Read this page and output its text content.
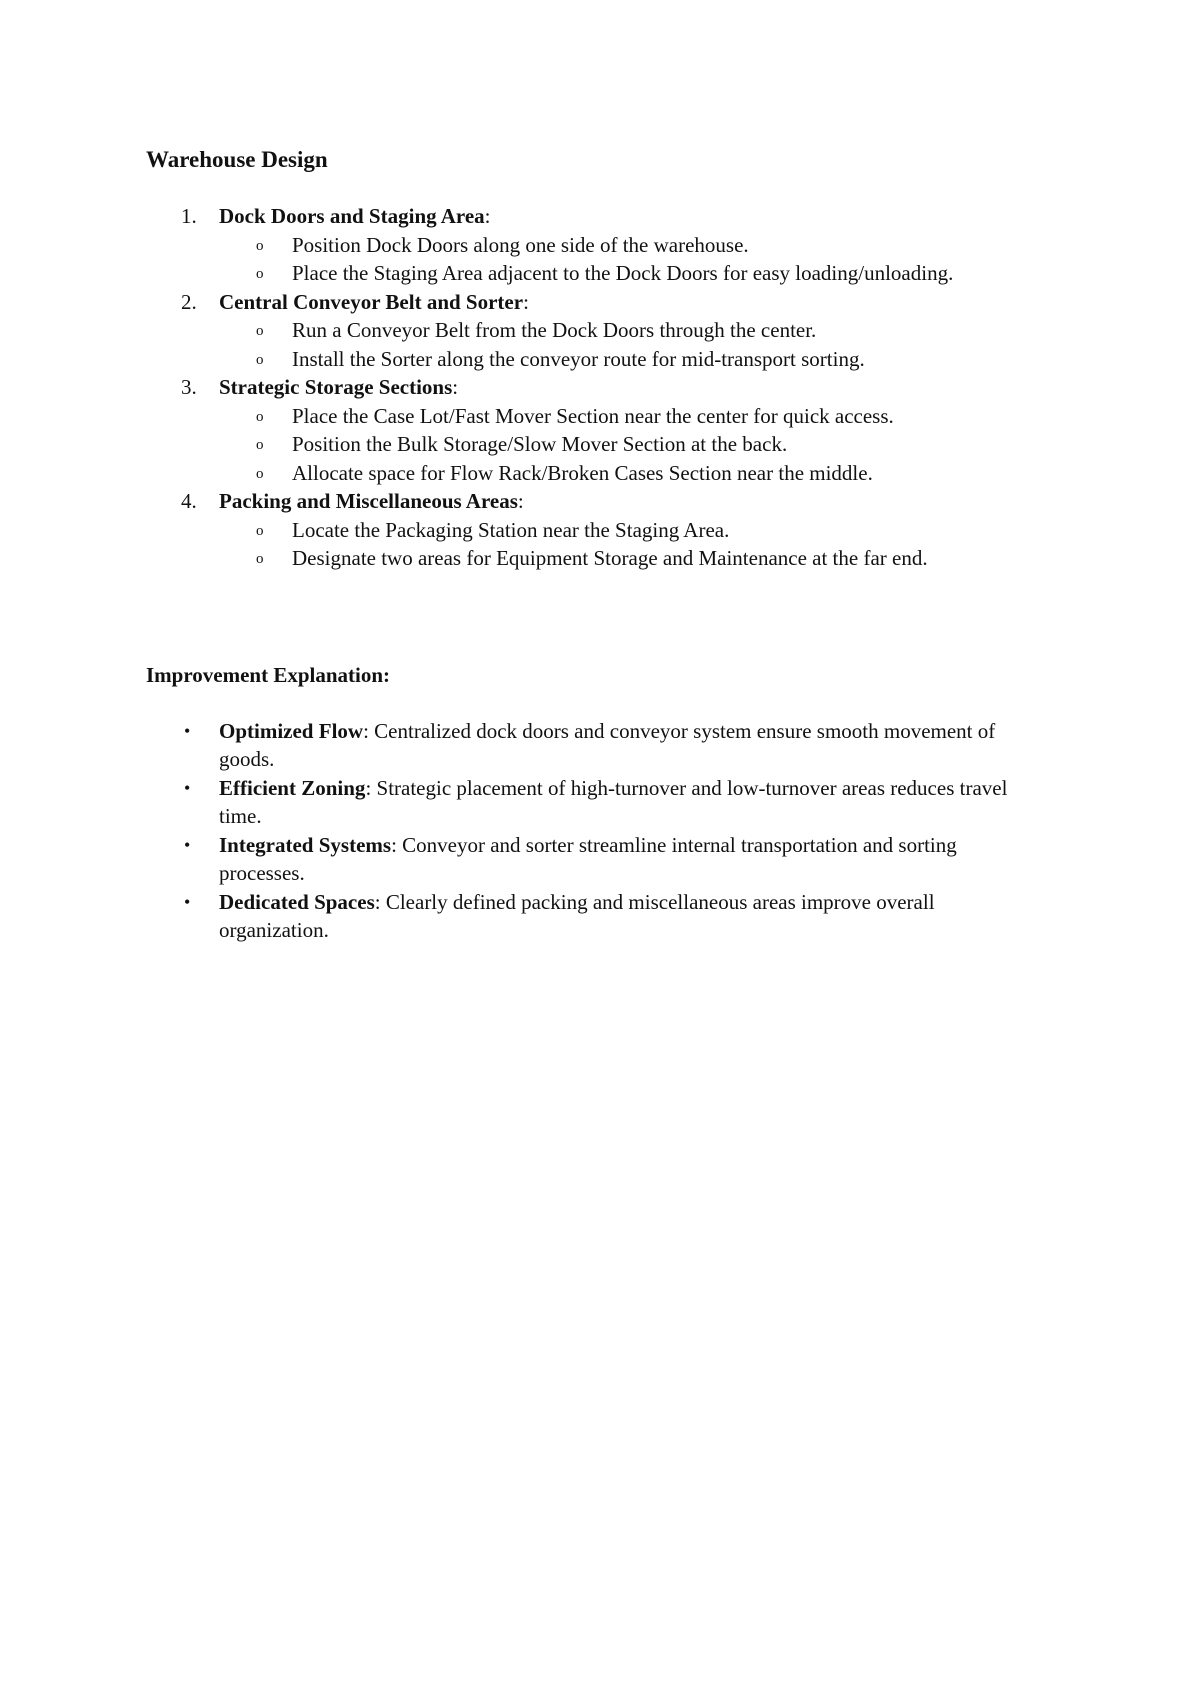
Warehouse Design
1. Dock Doors and Staging Area:
o Position Dock Doors along one side of the warehouse.
o Place the Staging Area adjacent to the Dock Doors for easy loading/unloading.
2. Central Conveyor Belt and Sorter:
o Run a Conveyor Belt from the Dock Doors through the center.
o Install the Sorter along the conveyor route for mid-transport sorting.
3. Strategic Storage Sections:
o Place the Case Lot/Fast Mover Section near the center for quick access.
o Position the Bulk Storage/Slow Mover Section at the back.
o Allocate space for Flow Rack/Broken Cases Section near the middle.
4. Packing and Miscellaneous Areas:
o Locate the Packaging Station near the Staging Area.
o Designate two areas for Equipment Storage and Maintenance at the far end.
Improvement Explanation:
• Optimized Flow: Centralized dock doors and conveyor system ensure smooth movement of goods.
• Efficient Zoning: Strategic placement of high-turnover and low-turnover areas reduces travel time.
• Integrated Systems: Conveyor and sorter streamline internal transportation and sorting processes.
• Dedicated Spaces: Clearly defined packing and miscellaneous areas improve overall organization.
